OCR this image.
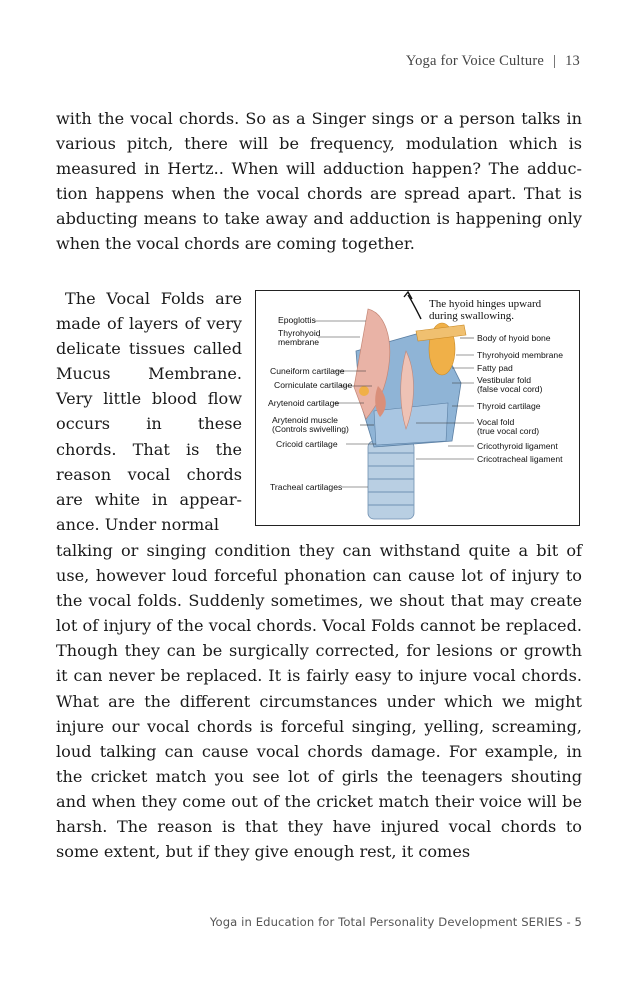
Yoga for Voice Culture | 13

with the vocal chords. So as a Singer sings or a person talks in various pitch, there will be frequency, modulation which is measured in Hertz.. When will adduction happen? The adduction happens when the vocal chords are spread apart. That is abducting means to take away and adduction is happening only when the vocal chords are coming together.

The Vocal Folds are made of layers of very delicate tissues called Mucus Membrane. Very little blood flow occurs in these chords. That is the reason vocal chords are white in appearance. Under normal

The hyoid hinges upward
during swallowing.
Epoglottis
Thyrohyoid
membrane
Cuneiform cartilage
Corniculate cartilage
Arytenoid cartilage
Arytenoid muscle
(Controls swivelling)
Cricoid cartilage
Tracheal cartilages
Body of hyoid bone
Thyrohyoid membrane
Fatty pad
Vestibular fold
(false vocal cord)
Thyroid cartilage
Vocal fold
(true vocal cord)
Cricothyroid ligament
Cricotracheal ligament

talking or singing condition they can withstand quite a bit of use, however loud forceful phonation can cause lot of injury to the vocal folds. Suddenly sometimes, we shout that may create lot of injury of the vocal chords. Vocal Folds cannot be replaced. Though they can be surgically corrected, for lesions or growth it can never be replaced. It is fairly easy to injure vocal chords. What are the different circumstances under which we might injure our vocal chords is forceful singing, yelling, screaming, loud talking can cause vocal chords damage. For example, in the cricket match you see lot of girls the teenagers shouting and when they come out of the cricket match their voice will be harsh. The reason is that they have injured vocal chords to some extent, but if they give enough rest, it comes

Yoga in Education for Total Personality Development SERIES - 5
